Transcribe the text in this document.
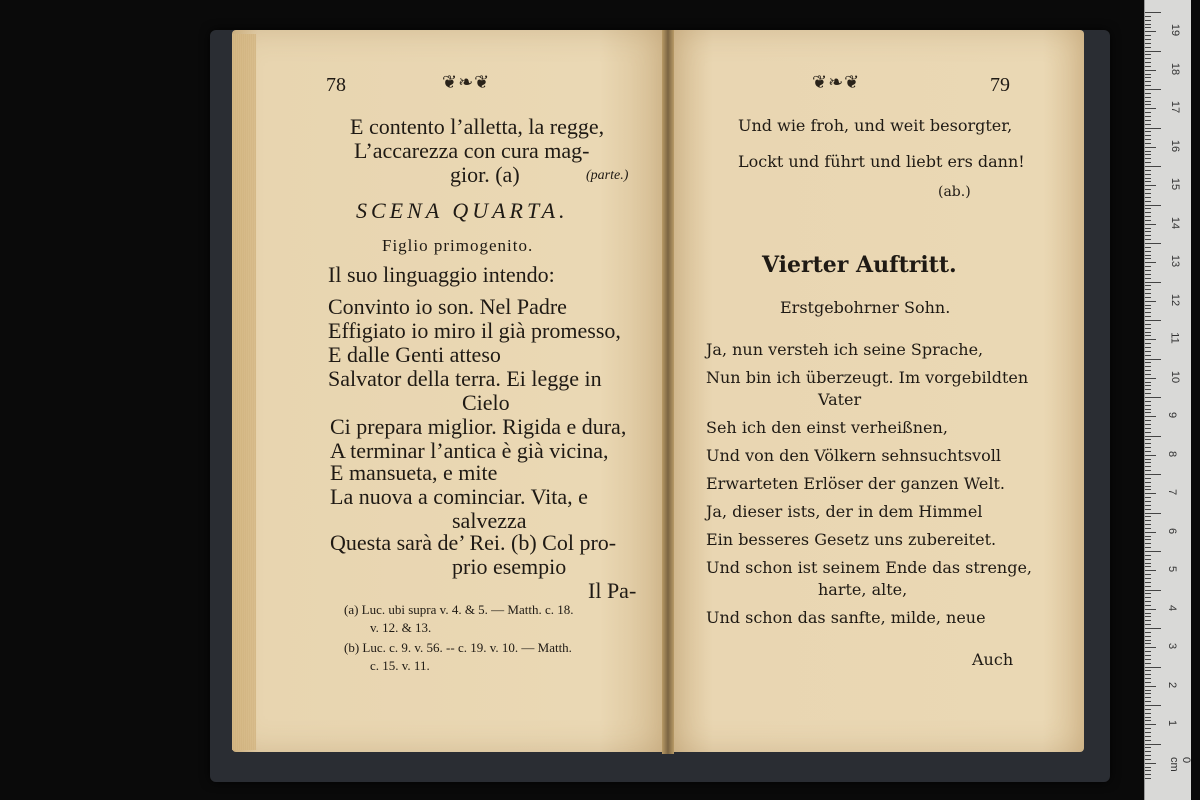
78	❦❧❦
E contento l’alletta, la regge,
L’accarezza con cura mag-
gior. (a)	(parte.)
SCENA QUARTA.
Figlio primogenito.
Il suo linguaggio intendo:
Convinto io son. Nel Padre
Effigiato io miro il già promesso,
E dalle Genti atteso
Salvator della terra. Ei legge in
Cielo
Ci prepara miglior. Rigida e dura,
A terminar l’antica è già vicina,
E mansueta, e mite
La nuova a cominciar. Vita, e
salvezza
Questa sarà de’ Rei. (b) Col pro-
prio esempio
Il Pa-
(a) Luc. ubi supra v. 4. & 5. — Matth. c. 18.
v. 12. & 13.
(b) Luc. c. 9. v. 56. -- c. 19. v. 10. — Matth.
c. 15. v. 11.
❦❧❦	79
Und wie froh, und weit besorgter,
Lockt und führt und liebt ers dann!
(ab.)
Vierter Auftritt.
Erstgebohrner Sohn.
Ja, nun versteh ich seine Sprache,
Nun bin ich überzeugt. Im vorgebildten
Vater
Seh ich den einst verheißnen,
Und von den Völkern sehnsuchtsvoll
Erwarteten Erlöser der ganzen Welt.
Ja, dieser ists, der in dem Himmel
Ein besseres Gesetz uns zubereitet.
Und schon ist seinem Ende das strenge,
harte, alte,
Und schon das sanfte, milde, neue
Auch
19
18
17
16
15
14
13
12
11
10
9
8
7
6
5
4
3
2
1
0 cm
